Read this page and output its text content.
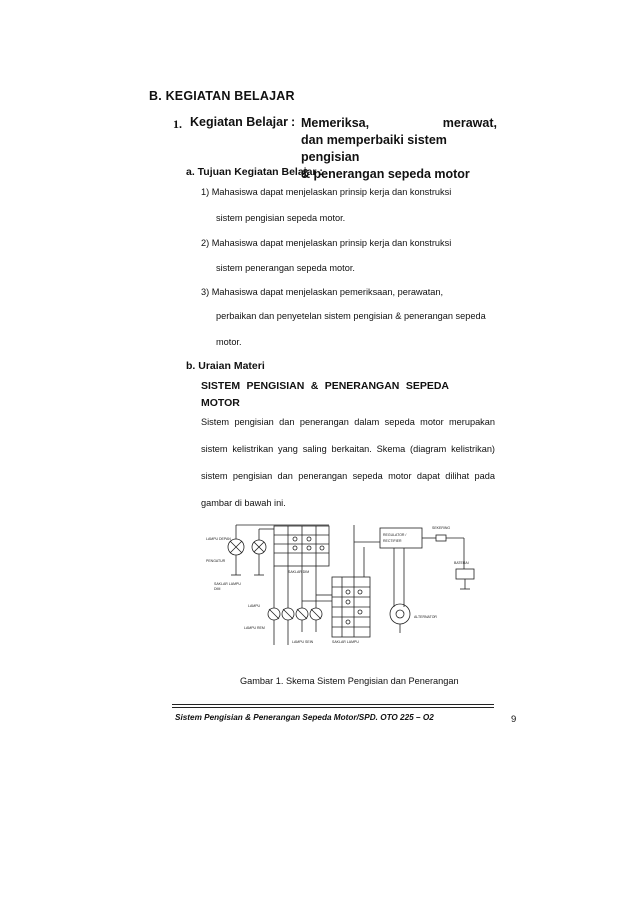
B. KEGIATAN BELAJAR
1. Kegiatan Belajar : Memeriksa,	merawat,
dan memperbaiki sistem pengisian
& penerangan sepeda motor
a. Tujuan Kegiatan Belajar :
1) Mahasiswa dapat menjelaskan prinsip kerja dan konstruksi
sistem pengisian sepeda motor.
2) Mahasiswa dapat menjelaskan prinsip kerja dan konstruksi
sistem penerangan sepeda motor.
3) Mahasiswa dapat menjelaskan pemeriksaan, perawatan,
perbaikan dan penyetelan sistem pengisian & penerangan sepeda
motor.
b. Uraian Materi
SISTEM PENGISIAN & PENERANGAN SEPEDA
MOTOR
Sistem pengisian dan penerangan dalam sepeda motor merupakan sistem kelistrikan yang saling berkaitan. Skema (diagram kelistrikan) sistem pengisian dan penerangan sepeda motor dapat dilihat pada gambar di bawah ini.
LAMPU DEPAN
PENGATUR
SAKLAR LAMPU
DIM
SAKLAR DIM
REGULATOR /
RECTIFIER
SEKERING
BATERAI
ALTERNATOR
SAKLAR LAMPU
LAMPU
LAMPU REM
LAMPU SEIN
Gambar 1. Skema Sistem Pengisian dan Penerangan
Sistem Pengisian & Penerangan Sepeda Motor/SPD. OTO 225 – O2	9
